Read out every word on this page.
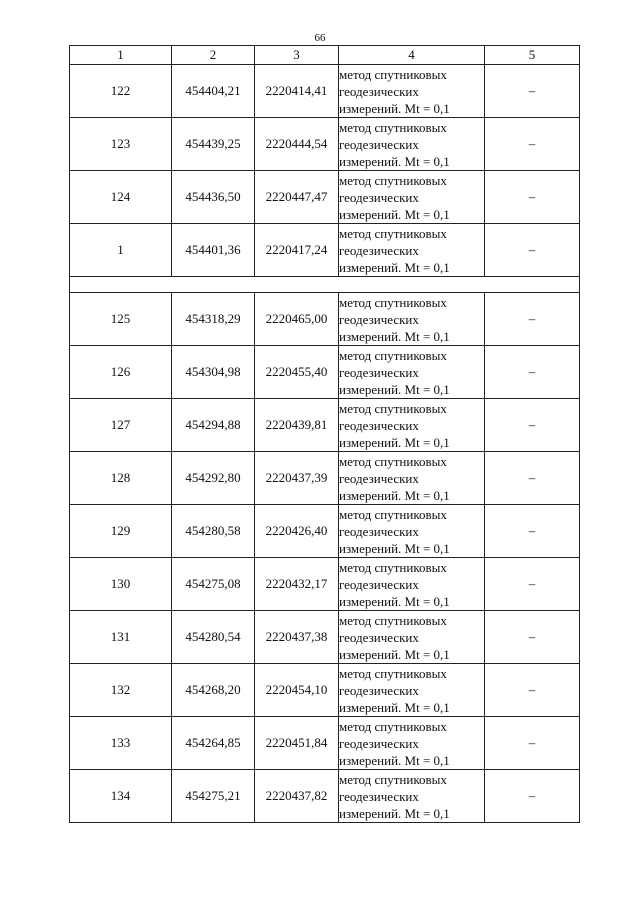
66
1	2	3	4	5
122	454404,21	2220414,41	метод спутниковых
геодезических
измерений. Mt = 0,1	–
123	454439,25	2220444,54	метод спутниковых
геодезических
измерений. Mt = 0,1	–
124	454436,50	2220447,47	метод спутниковых
геодезических
измерений. Mt = 0,1	–
1	454401,36	2220417,24	метод спутниковых
геодезических
измерений. Mt = 0,1	–

125	454318,29	2220465,00	метод спутниковых
геодезических
измерений. Mt = 0,1	–
126	454304,98	2220455,40	метод спутниковых
геодезических
измерений. Mt = 0,1	–
127	454294,88	2220439,81	метод спутниковых
геодезических
измерений. Mt = 0,1	–
128	454292,80	2220437,39	метод спутниковых
геодезических
измерений. Mt = 0,1	–
129	454280,58	2220426,40	метод спутниковых
геодезических
измерений. Mt = 0,1	–
130	454275,08	2220432,17	метод спутниковых
геодезических
измерений. Mt = 0,1	–
131	454280,54	2220437,38	метод спутниковых
геодезических
измерений. Mt = 0,1	–
132	454268,20	2220454,10	метод спутниковых
геодезических
измерений. Mt = 0,1	–
133	454264,85	2220451,84	метод спутниковых
геодезических
измерений. Mt = 0,1	–
134	454275,21	2220437,82	метод спутниковых
геодезических
измерений. Mt = 0,1	–
